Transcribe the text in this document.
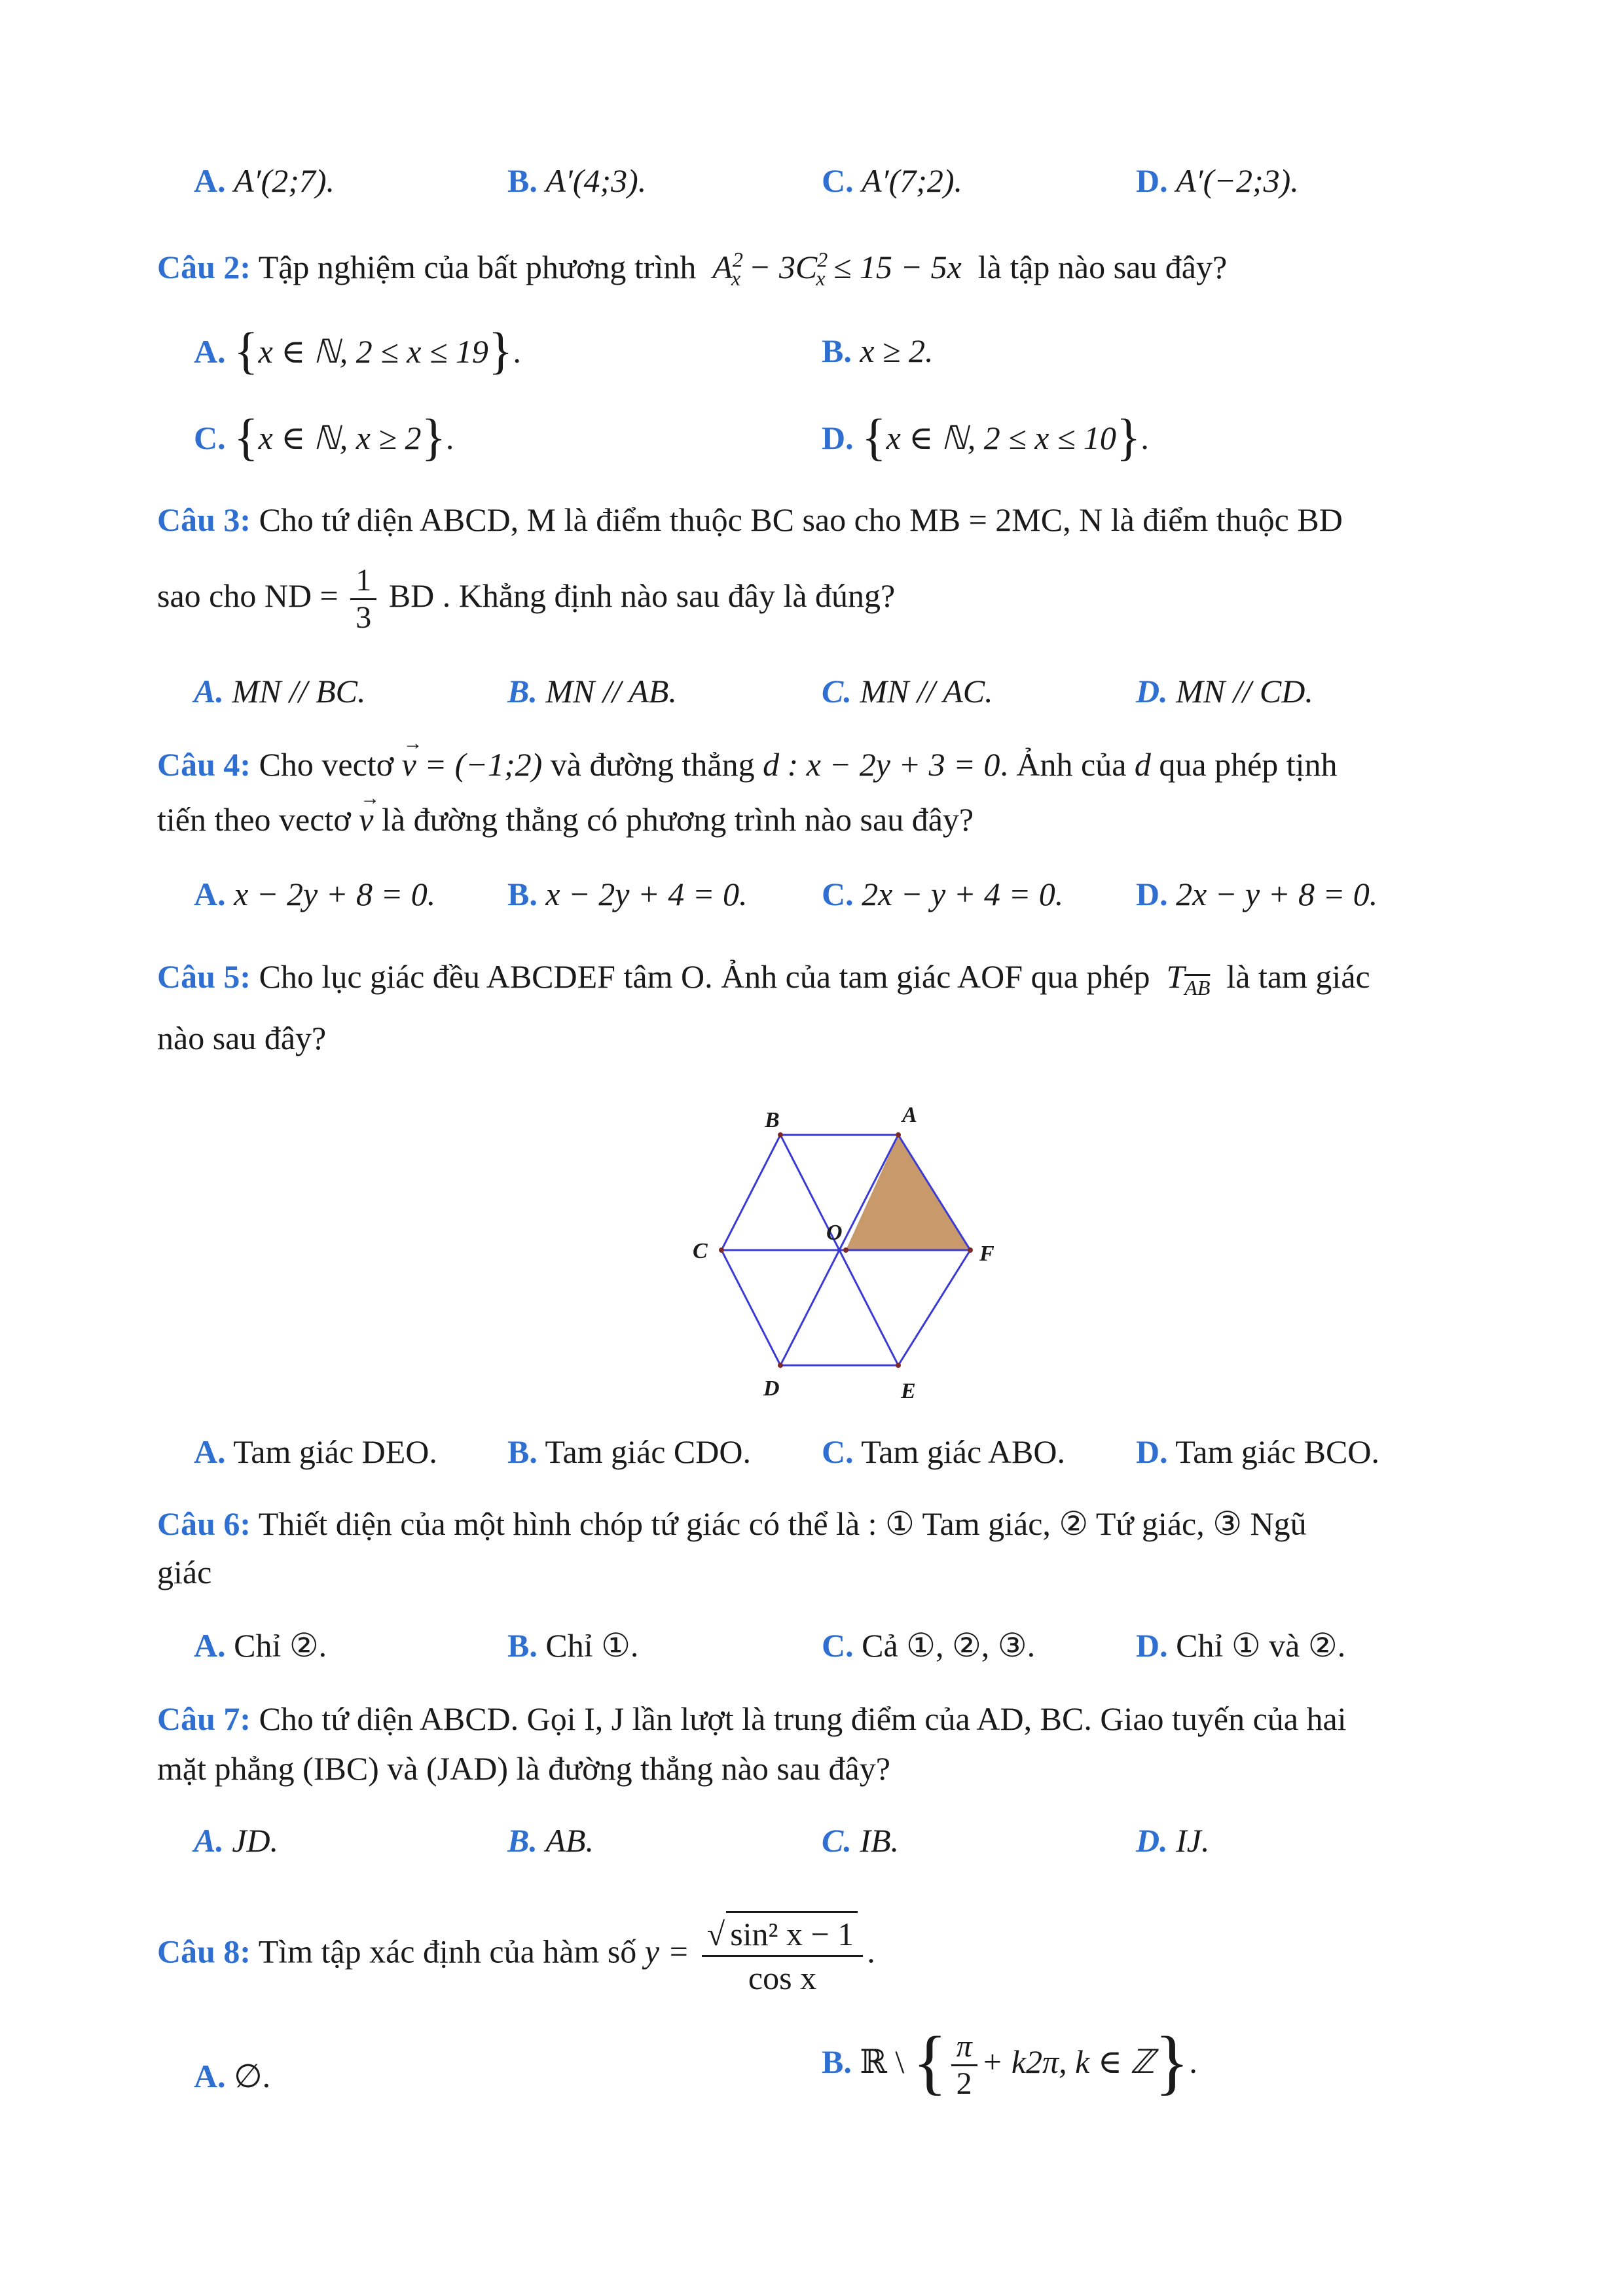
A. A′(2;7).	B. A′(4;3).	C. A′(7;2).	D. A′(−2;3).
Câu 2: Tập nghiệm của bất phương trình  $A^2_x - 3C^2_x \le 15 - 5x$  là tập nào sau đây?
A. {x ∈ ℕ, 2 ≤ x ≤ 19}.	B. x ≥ 2.
C. {x ∈ ℕ, x ≥ 2}.	D. {x ∈ ℕ, 2 ≤ x ≤ 10}.
Câu 3: Cho tứ diện ABCD, M là điểm thuộc BC sao cho MB = 2MC, N là điểm thuộc BD
sao cho ND = $\frac{1}{3}$ BD . Khẳng định nào sau đây là đúng?
A. MN // BC.	B. MN // AB.	C. MN // AC.	D. MN // CD.
Câu 4: Cho vectơ → v = (−1;2) và đường thẳng d : x − 2y + 3 = 0. Ảnh của d qua phép tịnh
tiến theo vectơ → v là đường thẳng có phương trình nào sau đây?
A. x − 2y + 8 = 0. B. x − 2y + 4 = 0. C. 2x − y + 4 = 0. D. 2x − y + 8 = 0.
Câu 5: Cho lục giác đều ABCDEF tâm O. Ảnh của tam giác AOF qua phép  $T_{\overline{AB}}$ là tam giác
nào sau đây?
A
B
C
D	E
F
O
A. Tam giác DEO. B. Tam giác CDO. C. Tam giác ABO. D. Tam giác BCO.
Câu 6: Thiết diện của một hình chóp tứ giác có thể là : ① Tam giác, ② Tứ giác, ③ Ngũ
giác
A. Chỉ ②.	B. Chỉ ①.	C. Cả ①, ②, ③.	D. Chỉ ① và ②.
Câu 7: Cho tứ diện ABCD. Gọi I, J lần lượt là trung điểm của AD, BC. Giao tuyến của hai
mặt phẳng (IBC) và (JAD) là đường thẳng nào sau đây?
A. JD.	B. AB.	C. IB.	D. IJ.
Câu 8: Tìm tập xác định của hàm số $y = \frac{\text{√ sin² x − 1}}{\text{cos x}}$ .
A. ∅.	B. ℝ \ { $\frac{\pi}{2} + k2\pi$, k ∈ ℤ}.
